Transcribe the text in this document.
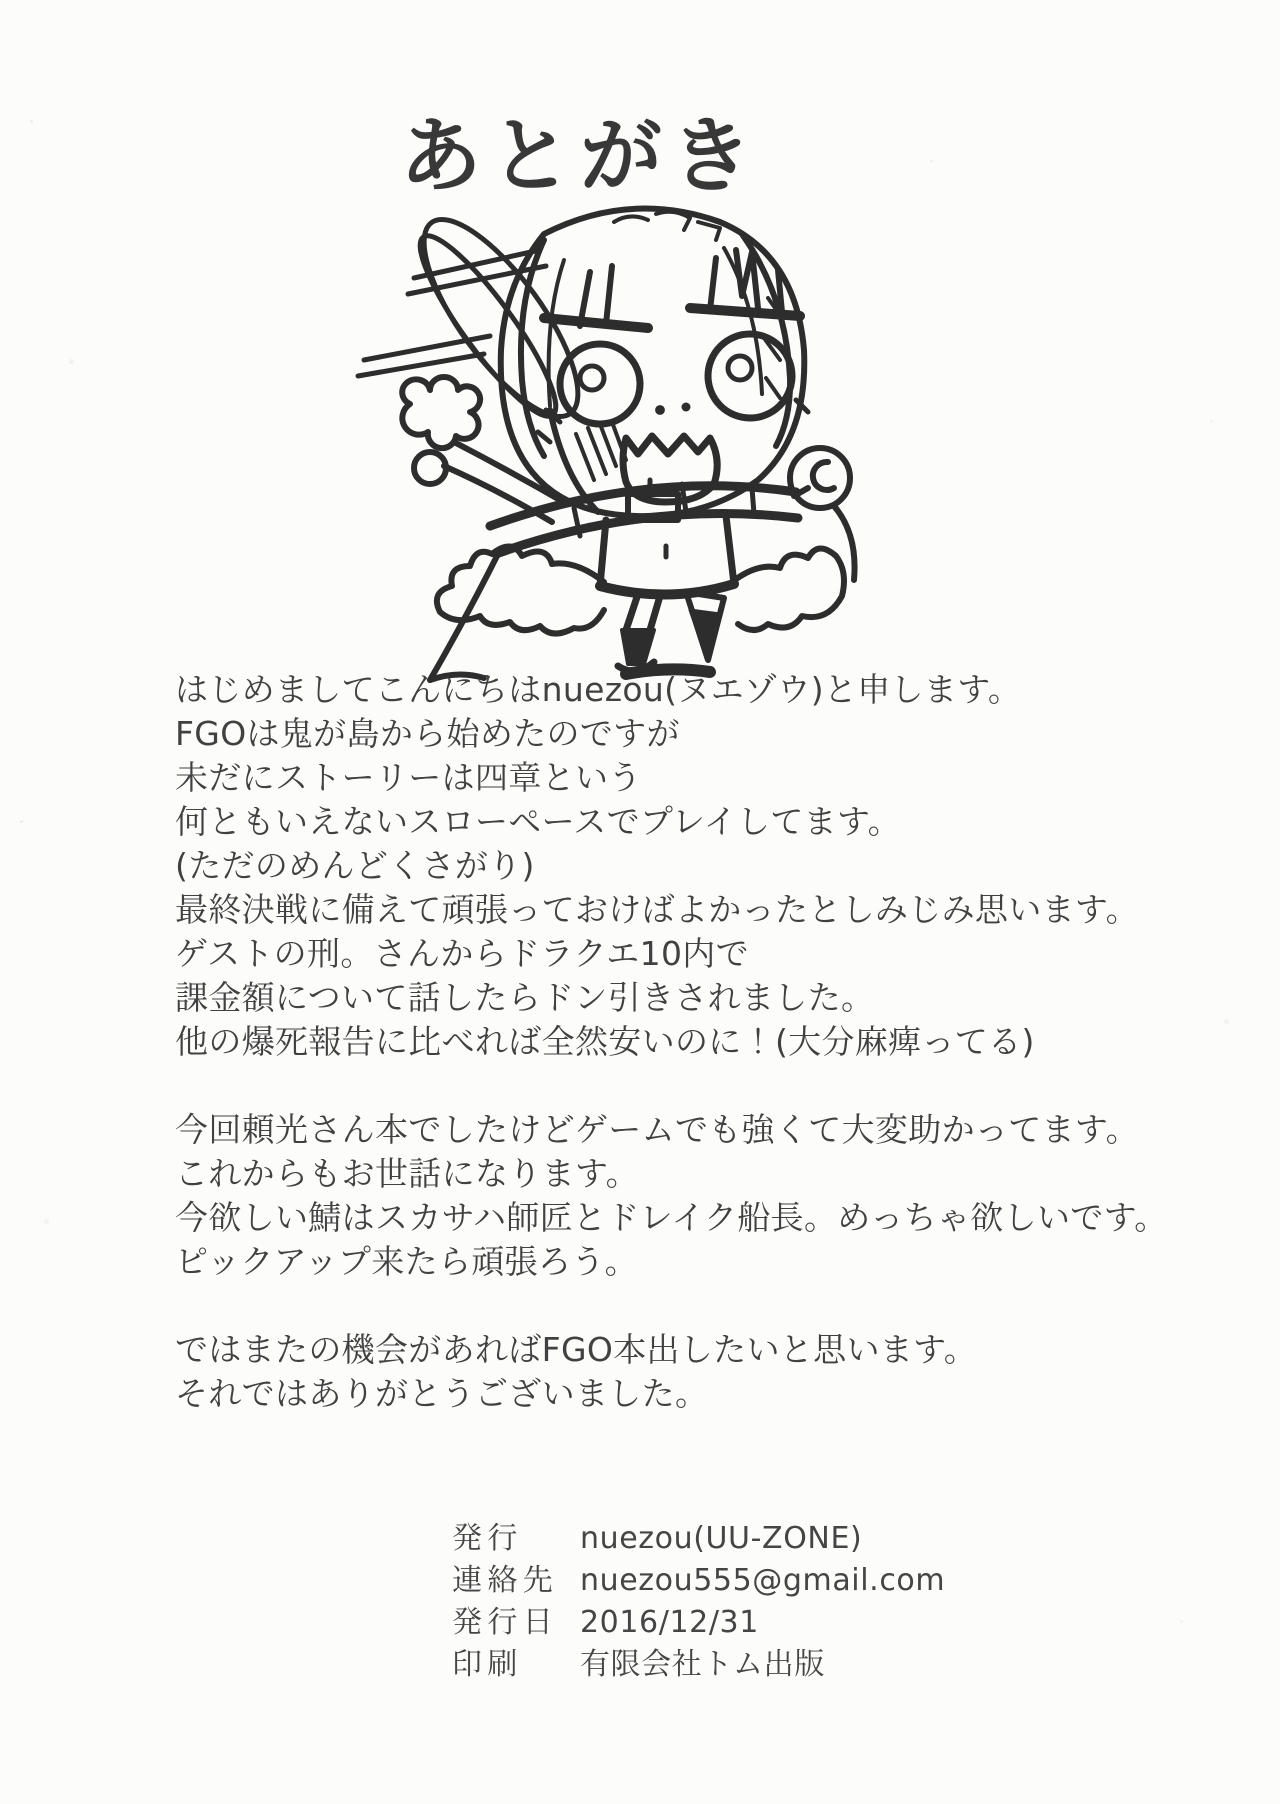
あとがき
はじめましてこんにちはnuezou(ヌエゾウ)と申します。
FGOは鬼が島から始めたのですが
未だにストーリーは四章という
何ともいえないスローペースでプレイしてます。
(ただのめんどくさがり)
最終決戦に備えて頑張っておけばよかったとしみじみ思います。
ゲストの刑。さんからドラクエ10内で
課金額について話したらドン引きされました。
他の爆死報告に比べれば全然安いのに！(大分麻痺ってる)
今回頼光さん本でしたけどゲームでも強くて大変助かってます。
これからもお世話になります。
今欲しい鯖はスカサハ師匠とドレイク船長。めっちゃ欲しいです。
ピックアップ来たら頑張ろう。
ではまたの機会があればFGO本出したいと思います。
それではありがとうございました。
発行	nuezou(UU-ZONE)
連絡先 nuezou555@gmail.com
発行日 2016/12/31
印刷	有限会社トム出版
